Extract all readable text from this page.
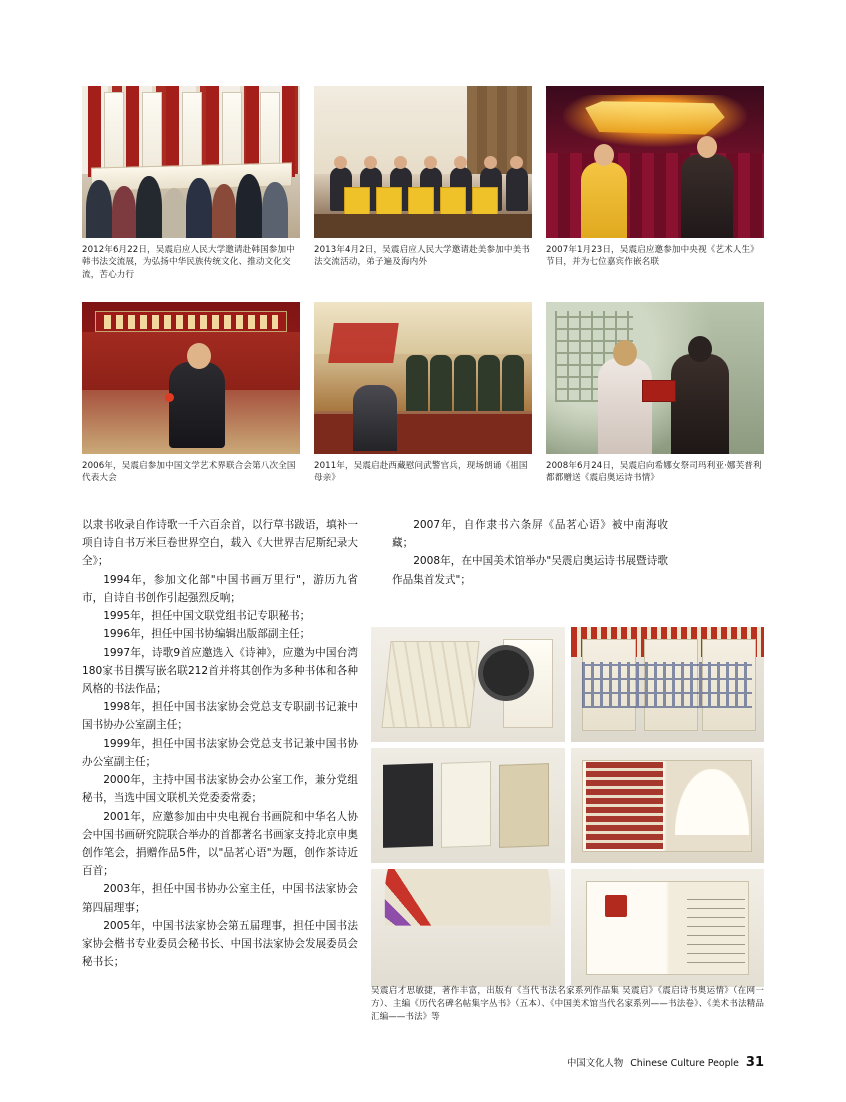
2012年6月22日，吴震启应人民大学邀请赴韩国参加中韩书法交流展，为弘扬中华民族传统文化、推动文化交流，苦心力行
2013年4月2日，吴震启应人民大学邀请赴美参加中美书法交流活动，弟子遍及海内外
2007年1月23日，吴震启应邀参加中央视《艺术人生》节目，并为七位嘉宾作嵌名联
2006年，吴震启参加中国文学艺术界联合会第八次全国代表大会
2011年，吴震启赴西藏慰问武警官兵，现场朗诵《祖国母亲》
2008年6月24日，吴震启向希娜女祭司玛利亚·娜芙普利都都赠送《震启奥运诗书情》

以隶书收录自作诗歌一千六百余首，以行草书跋语，填补一项自诗自书万米巨卷世界空白，载入《大世界吉尼斯纪录大全》；

1994年，参加文化部"中国书画万里行"，游历九省市，自诗自书创作引起强烈反响；

1995年，担任中国文联党组书记专职秘书；

1996年，担任中国书协编辑出版部副主任；

1997年，诗歌9首应邀选入《诗神》，应邀为中国台湾180家书目撰写嵌名联212首并将其创作为多种书体和各种风格的书法作品；

1998年，担任中国书法家协会党总支专职副书记兼中国书协办公室副主任；

1999年，担任中国书法家协会党总支书记兼中国书协办公室副主任；

2000年，主持中国书法家协会办公室工作，兼分党组秘书，当选中国文联机关党委委常委；

2001年，应邀参加由中央电视台书画院和中华名人协会中国书画研究院联合举办的首都著名书画家支持北京申奥创作笔会，捐赠作品5件，以"品茗心语"为题，创作茶诗近百首；

2003年，担任中国书协办公室主任，中国书法家协会第四届理事；

2005年，中国书法家协会第五届理事，担任中国书法家协会楷书专业委员会秘书长、中国书法家协会发展委员会秘书长；

2007年，自作隶书六条屏《品茗心语》被中南海收藏；

2008年，在中国美术馆举办"吴震启奥运诗书展暨诗歌作品集首发式"；

吴震启才思敏捷，著作丰富，出版有《当代书法名家系列作品集 吴震启》《震启诗书奥运情》（在网一方）、主编《历代名碑名帖集字丛书》（五本）、《中国美术馆当代名家系列——书法卷》、《美术书法精品汇编——书法》等
中国文化人物 Chinese Culture People 31
